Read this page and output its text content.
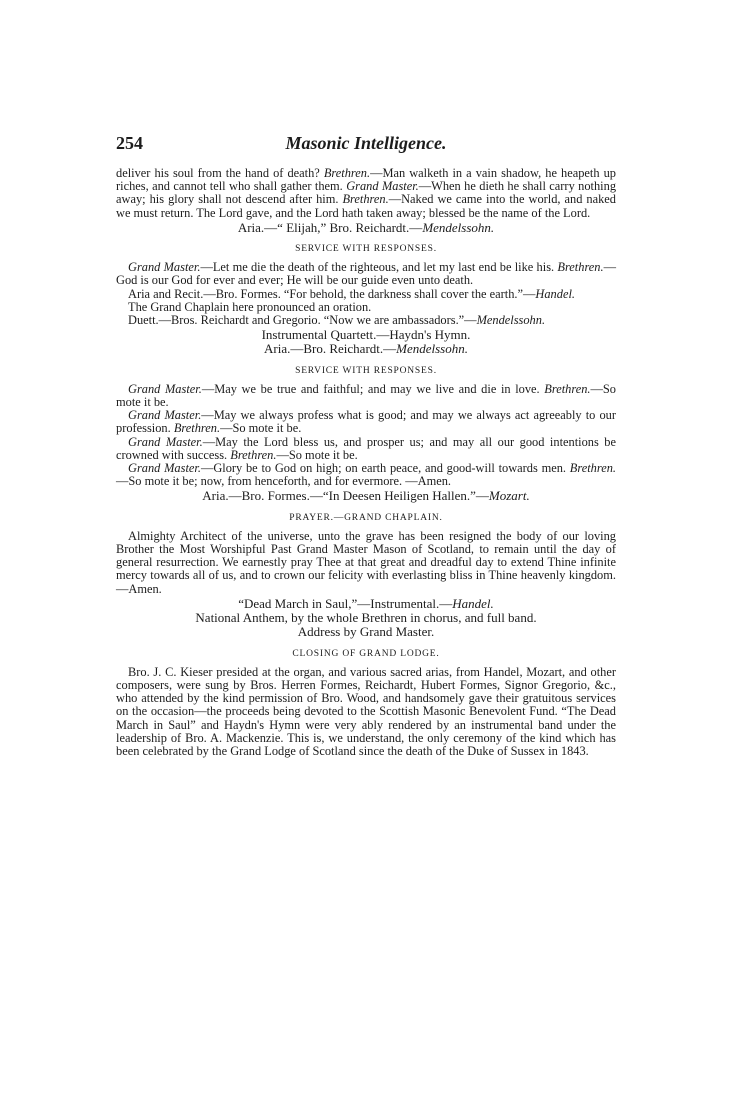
254	Masonic Intelligence.

deliver his soul from the hand of death? Brethren.—Man walketh in a vain shadow, he heapeth up riches, and cannot tell who shall gather them. Grand Master.—When he dieth he shall carry nothing away; his glory shall not descend after him. Brethren.—Naked we came into the world, and naked we must return. The Lord gave, and the Lord hath taken away; blessed be the name of the Lord.

Aria.—“ Elijah,” Bro. Reichardt.—Mendelssohn.
SERVICE WITH RESPONSES.

Grand Master.—Let me die the death of the righteous, and let my last end be like his. Brethren.—God is our God for ever and ever; He will be our guide even unto death.

Aria and Recit.—Bro. Formes. “For behold, the darkness shall cover the earth.”—Handel.

The Grand Chaplain here pronounced an oration.

Duett.—Bros. Reichardt and Gregorio. “Now we are ambassadors.”—Mendelssohn.

Instrumental Quartett.—Haydn's Hymn.
Aria.—Bro. Reichardt.—Mendelssohn.
SERVICE WITH RESPONSES.

Grand Master.—May we be true and faithful; and may we live and die in love. Brethren.—So mote it be.

Grand Master.—May we always profess what is good; and may we always act agreeably to our profession. Brethren.—So mote it be.

Grand Master.—May the Lord bless us, and prosper us; and may all our good intentions be crowned with success. Brethren.—So mote it be.

Grand Master.—Glory be to God on high; on earth peace, and good-will towards men. Brethren.—So mote it be; now, from henceforth, and for evermore. —Amen.

Aria.—Bro. Formes.—“In Deesen Heiligen Hallen.”—Mozart.
PRAYER.—GRAND CHAPLAIN.

Almighty Architect of the universe, unto the grave has been resigned the body of our loving Brother the Most Worshipful Past Grand Master Mason of Scotland, to remain until the day of general resurrection. We earnestly pray Thee at that great and dreadful day to extend Thine infinite mercy towards all of us, and to crown our felicity with everlasting bliss in Thine heavenly kingdom.—Amen.

“Dead March in Saul,”—Instrumental.—Handel.
National Anthem, by the whole Brethren in chorus, and full band.
Address by Grand Master.
CLOSING OF GRAND LODGE.

Bro. J. C. Kieser presided at the organ, and various sacred arias, from Handel, Mozart, and other composers, were sung by Bros. Herren Formes, Reichardt, Hubert Formes, Signor Gregorio, &c., who attended by the kind permission of Bro. Wood, and handsomely gave their gratuitous services on the occasion—the proceeds being devoted to the Scottish Masonic Benevolent Fund. “The Dead March in Saul” and Haydn's Hymn were very ably rendered by an instrumental band under the leadership of Bro. A. Mackenzie. This is, we understand, the only ceremony of the kind which has been celebrated by the Grand Lodge of Scotland since the death of the Duke of Sussex in 1843.
